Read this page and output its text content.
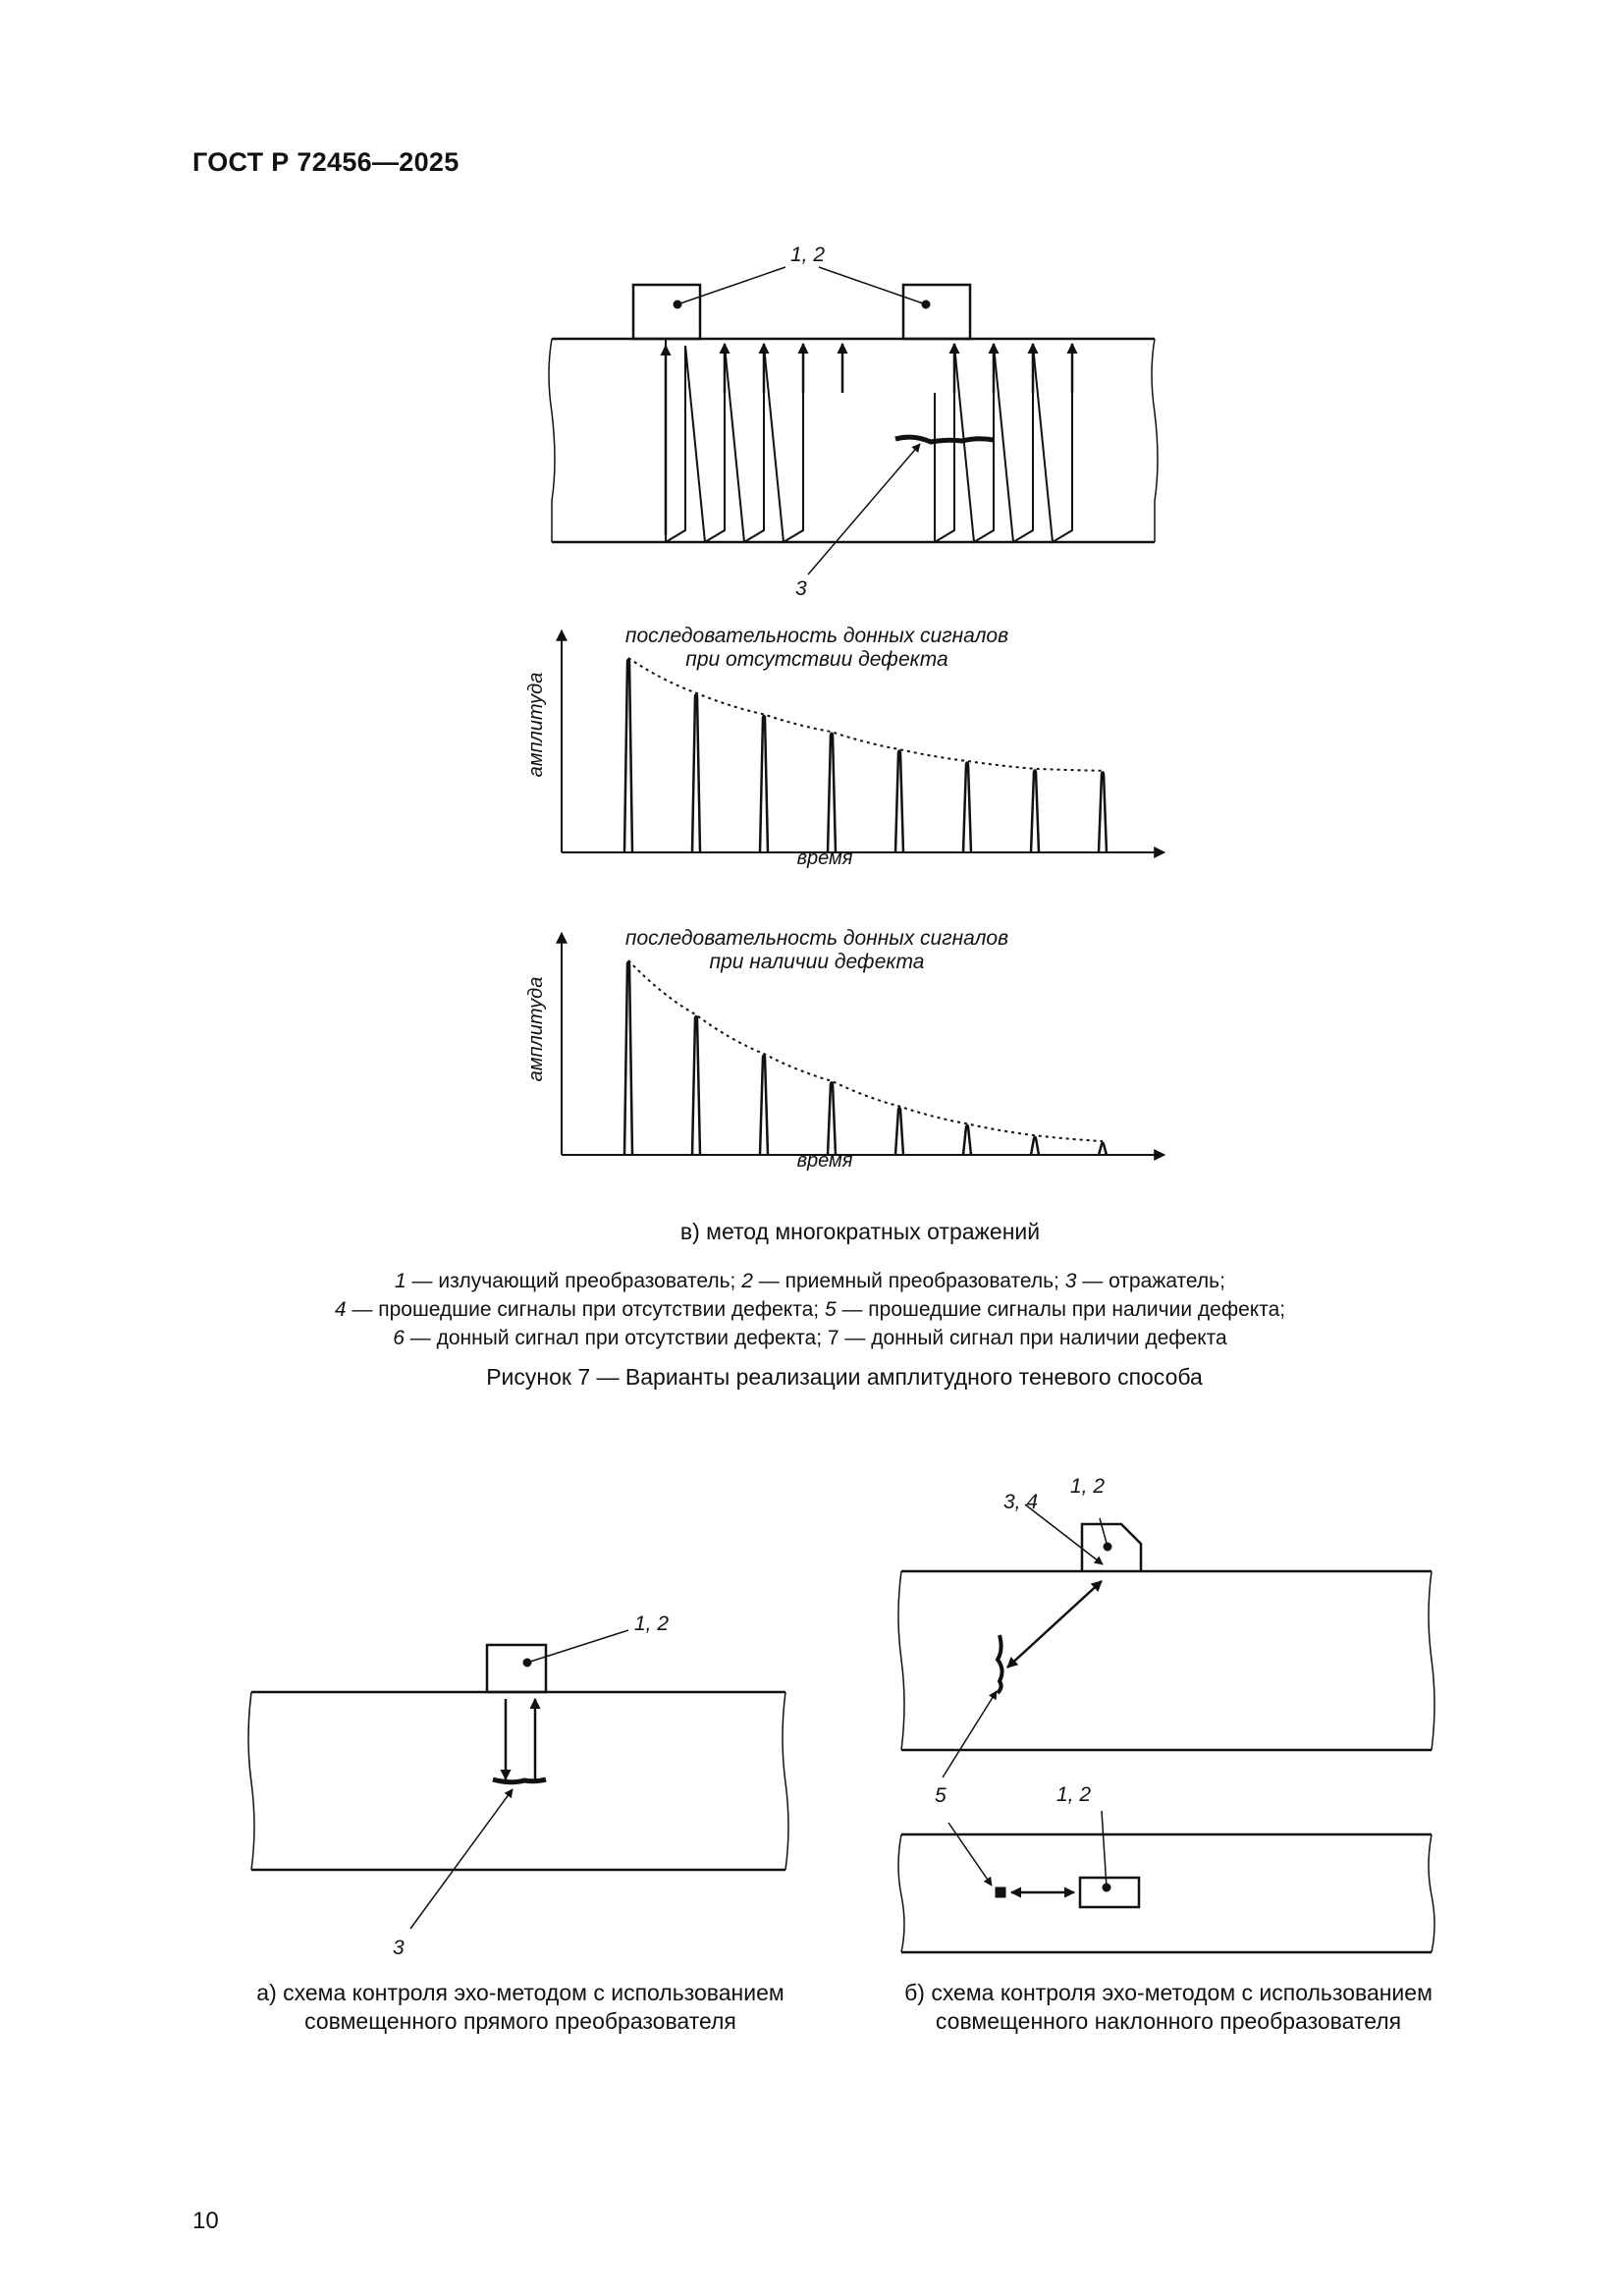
ГОСТ Р 72456—2025
1, 2
3
последовательность донных сигналов
при отсутствии дефекта
амплитуда
время
последовательность донных сигналов
при наличии дефекта
амплитуда
время
1, 2
3
1, 2
3, 4
5	1, 2
в) метод многократных отражений
1 — излучающий преобразователь; 2 — приемный преобразователь; 3 — отражатель;
4 — прошедшие сигналы при отсутствии дефекта; 5 — прошедшие сигналы при наличии дефекта;
6 — донный сигнал при отсутствии дефекта; 7 — донный сигнал при наличии дефекта
Рисунок 7 — Варианты реализации амплитудного теневого способа
а) схема контроля эхо-методом с использованием
совмещенного прямого преобразователя
б) схема контроля эхо-методом с использованием
совмещенного наклонного преобразователя
10
